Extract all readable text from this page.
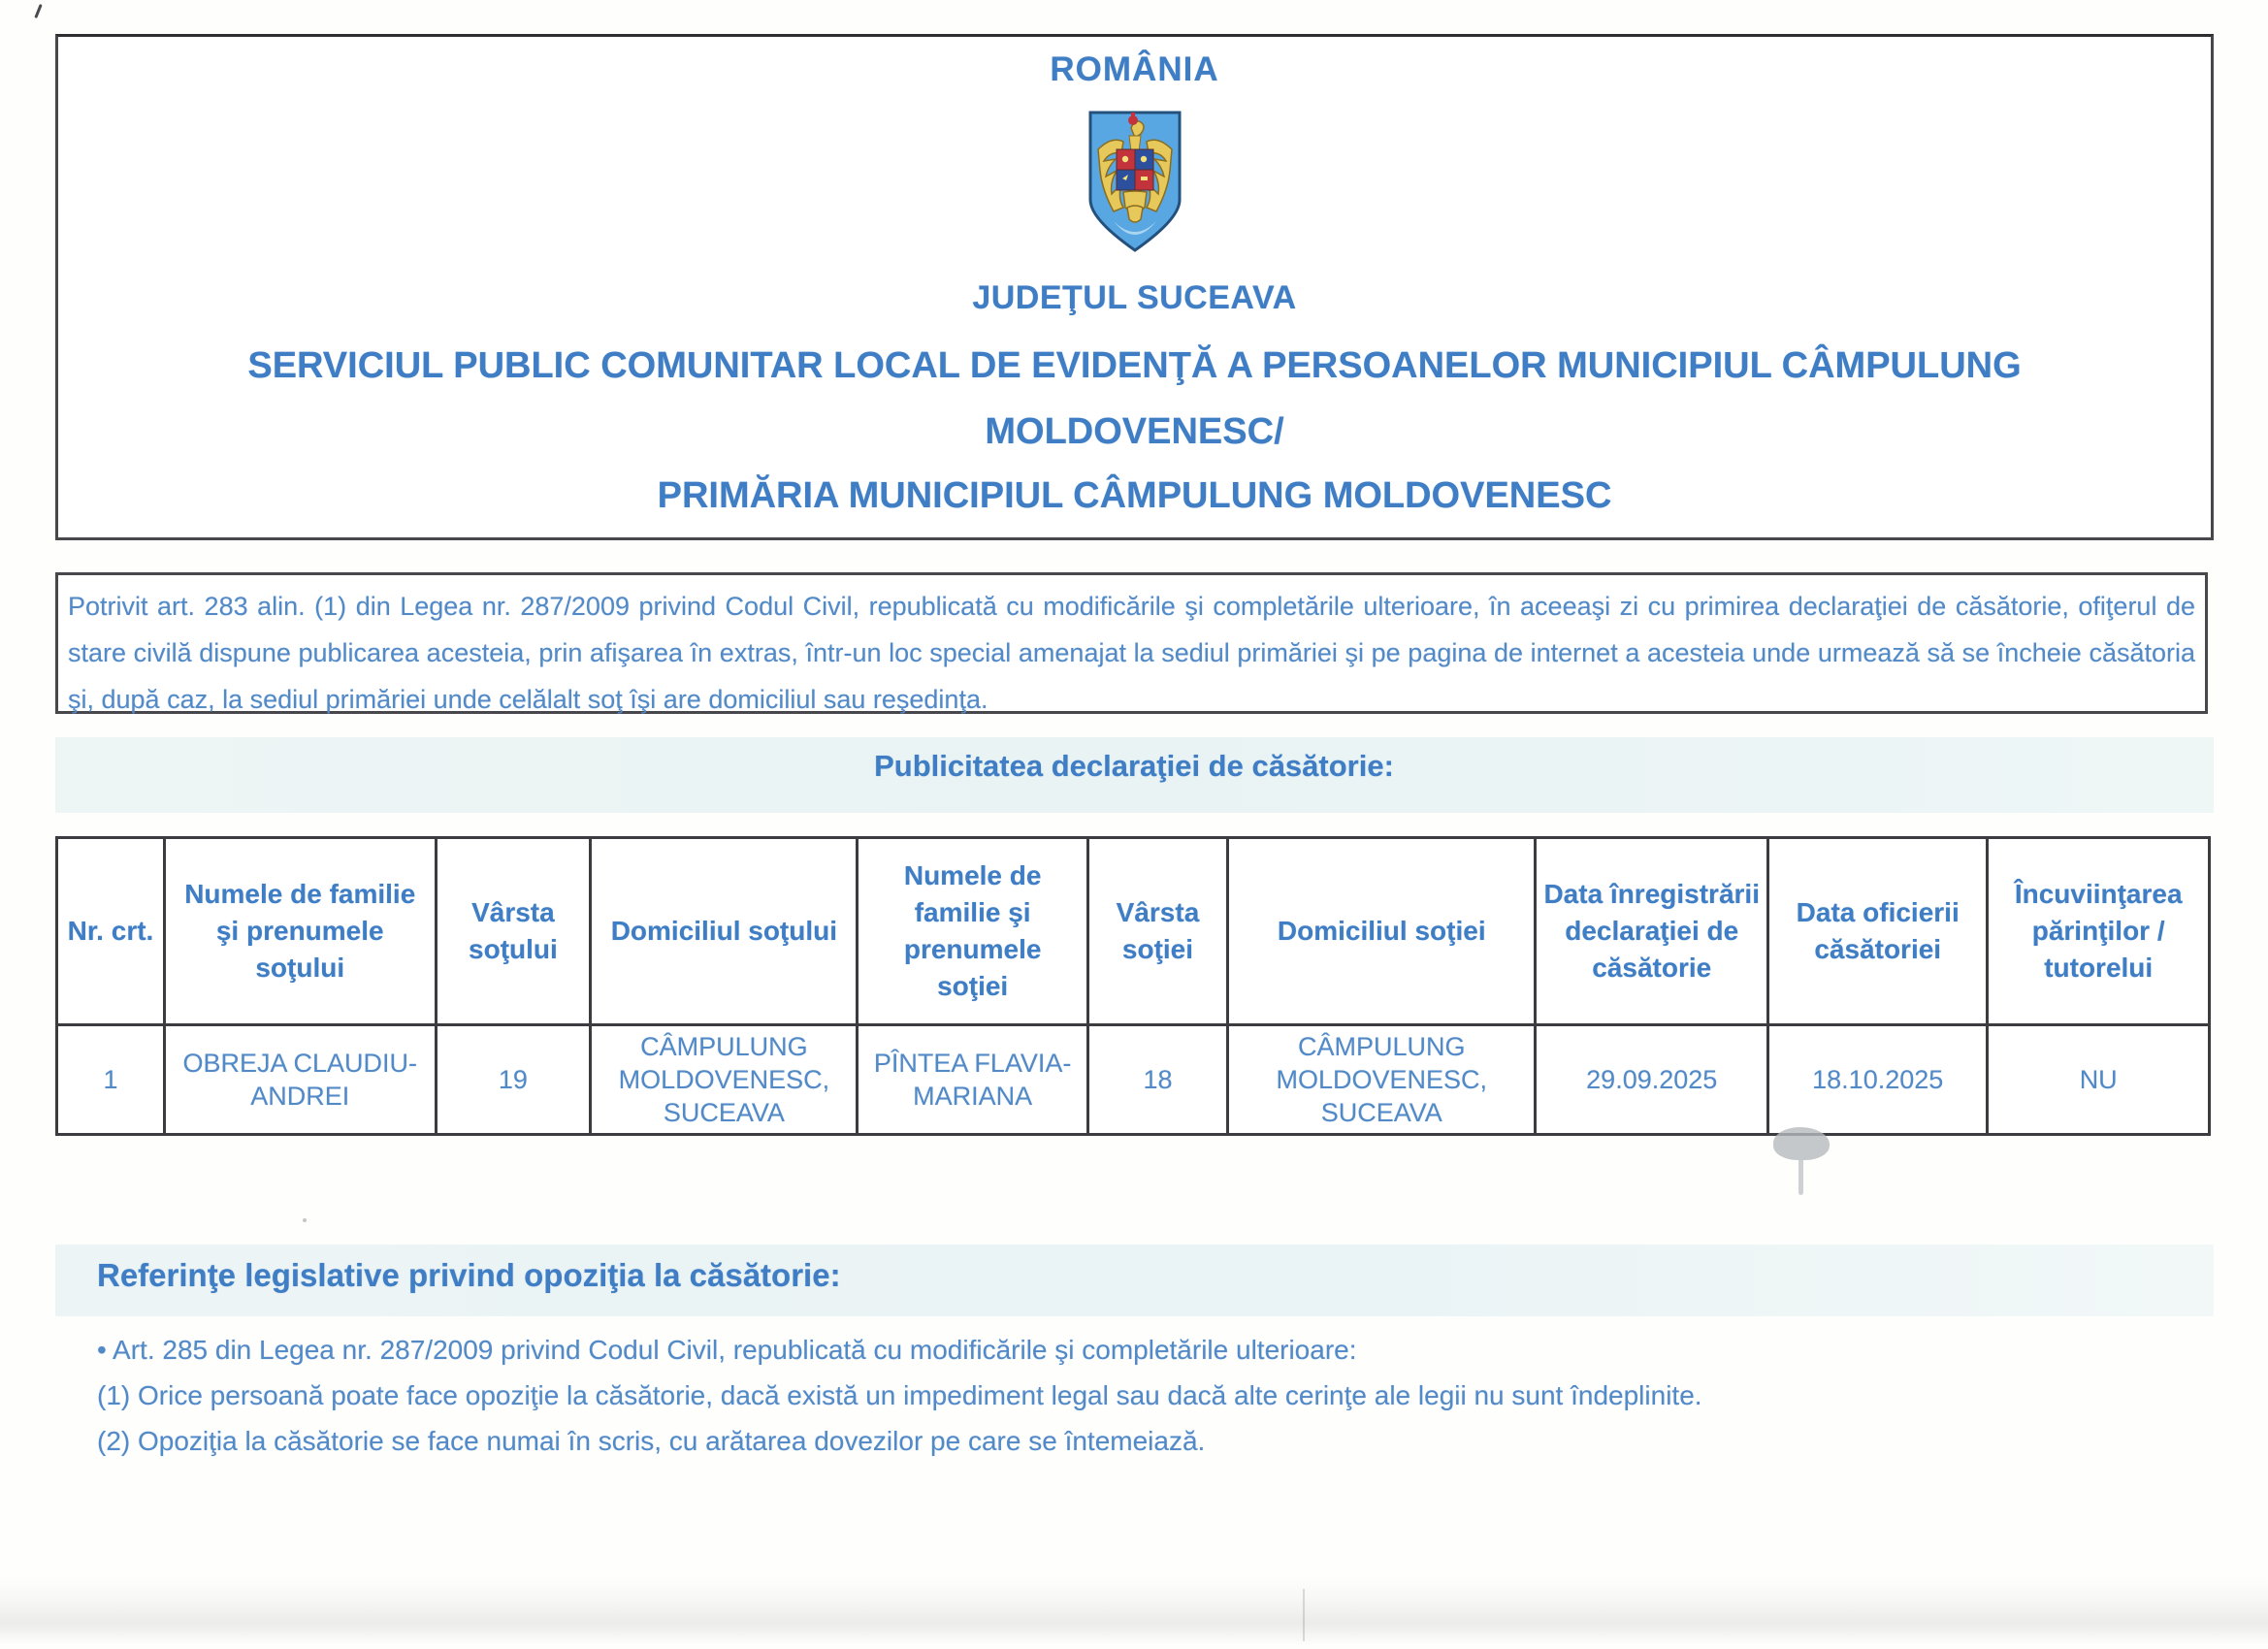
ROMÂNIA
JUDEŢUL SUCEAVA
SERVICIUL PUBLIC COMUNITAR LOCAL DE EVIDENŢĂ A PERSOANELOR MUNICIPIUL CÂMPULUNG
MOLDOVENESC/
PRIMĂRIA MUNICIPIUL CÂMPULUNG MOLDOVENESC
Potrivit art. 283 alin. (1) din Legea nr. 287/2009 privind Codul Civil, republicată cu modificările şi completările ulterioare, în aceeaşi zi cu primirea declaraţiei de căsătorie, ofiţerul de stare civilă dispune publicarea acesteia, prin afişarea în extras, într-un loc special amenajat la sediul primăriei şi pe pagina de internet a acesteia unde urmează să se încheie căsătoria şi, după caz, la sediul primăriei unde celălalt soţ îşi are domiciliul sau reşedinţa.
Publicitatea declaraţiei de căsătorie:
Nr. crt.	Numele de familie şi prenumele soţului	Vârsta soţului	Domiciliul soţului	Numele de familie şi prenumele soţiei	Vârsta soţiei	Domiciliul soţiei	Data înregistrării declaraţiei de căsătorie	Data oficierii căsătoriei	Încuviinţarea părinţilor / tutorelui
1	OBREJA CLAUDIU-ANDREI	19	CÂMPULUNG MOLDOVENESC, SUCEAVA	PÎNTEA FLAVIA-MARIANA	18	CÂMPULUNG MOLDOVENESC, SUCEAVA	29.09.2025	18.10.2025	NU
Referinţe legislative privind opoziţia la căsătorie:
• Art. 285 din Legea nr. 287/2009 privind Codul Civil, republicată cu modificările şi completările ulterioare:
(1) Orice persoană poate face opoziţie la căsătorie, dacă există un impediment legal sau dacă alte cerinţe ale legii nu sunt îndeplinite.
(2) Opoziţia la căsătorie se face numai în scris, cu arătarea dovezilor pe care se întemeiază.
